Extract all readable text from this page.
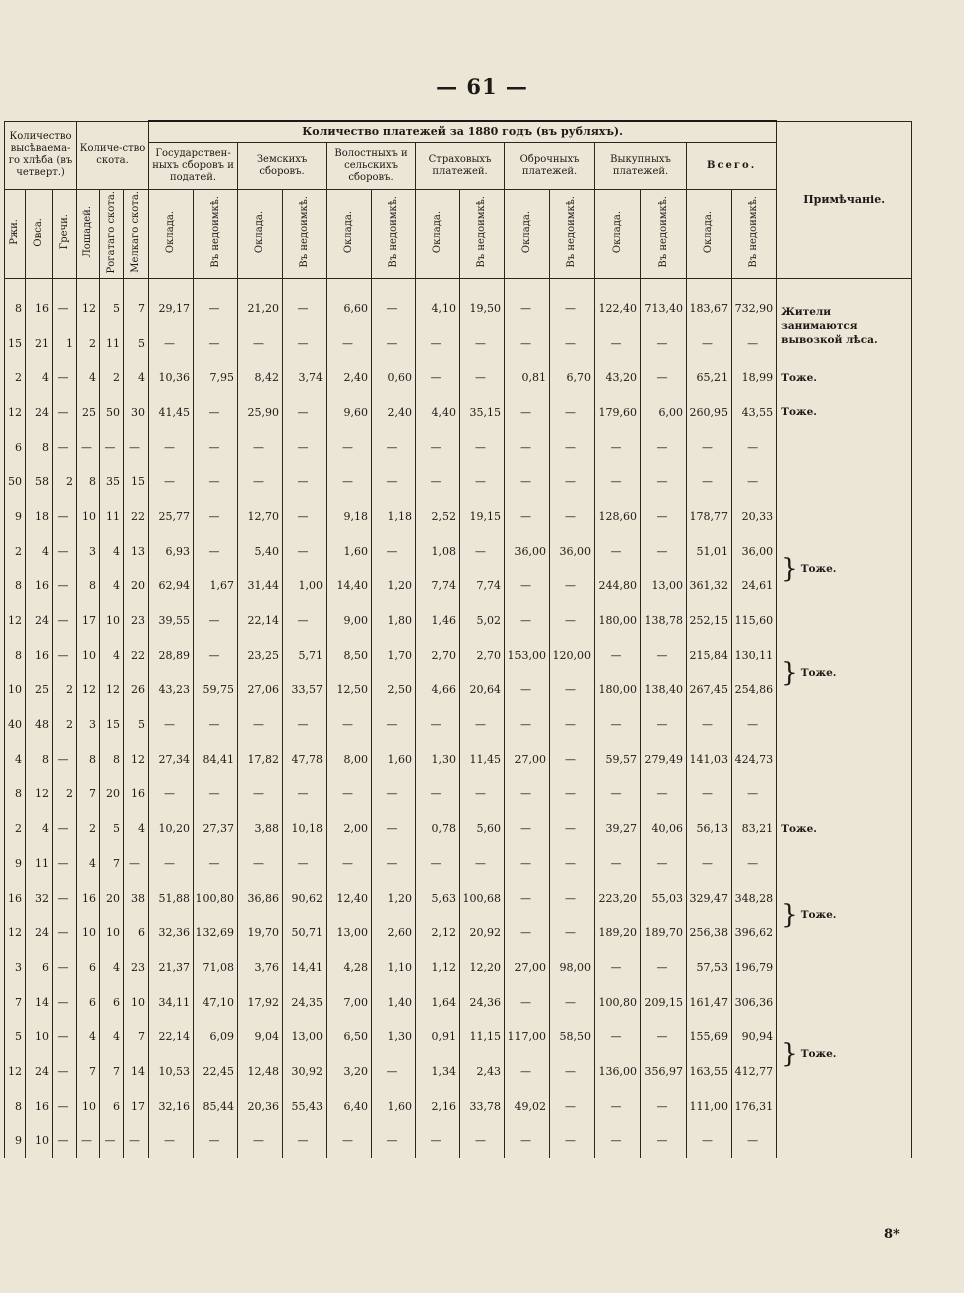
— 61 —
Количество высѣваема-го хлѣба (въ четверт.)			Количе-ство скота.			Количество платежей за 1880 годъ (въ рубляхъ).														Примѣчаніе.
						Государствен-ныхъ сборовъ и податей.		Земскихъ сборовъ.		Волостныхъ и сельскихъ сборовъ.		Страховыхъ платежей.		Оброчныхъ платежей.		Выкупныхъ платежей.		Всего.		
Ржи.	Овса.	Гречи.	Лошадей.	Рогатаго скота.	Мелкаго скота.	Оклада.	Въ недоимкѣ.	Оклада.	Въ недоимкѣ.	Оклада.	Въ недоимкѣ.	Оклада.	Въ недоимкѣ.	Оклада.	Въ недоимкѣ.	Оклада.	Въ недоимкѣ.	Оклада.	Въ недоимкѣ.	
8	16	—	12	5	7	29,17	—	21,20	—	6,60	—	4,10	19,50	—	—	122,40	713,40	183,67	732,90	Жители занимаются вывозкой лѣса.
15	21	1	2	11	5	—	—	—	—	—	—	—	—	—	—	—	—	—	—	
2	4	—	4	2	4	10,36	7,95	8,42	3,74	2,40	0,60	—	—	0,81	6,70	43,20	—	65,21	18,99	Тоже.
12	24	—	25	50	30	41,45	—	25,90	—	9,60	2,40	4,40	35,15	—	—	179,60	6,00	260,95	43,55	Тоже.
6	8	—	—	—	—	—	—	—	—	—	—	—	—	—	—	—	—	—	—	
50	58	2	8	35	15	—	—	—	—	—	—	—	—	—	—	—	—	—	—	
9	18	—	10	11	22	25,77	—	12,70	—	9,18	1,18	2,52	19,15	—	—	128,60	—	178,77	20,33	} Тоже.
2	4	—	3	4	13	6,93	—	5,40	—	1,60	—	1,08	—	36,00	36,00	—	—	51,01	36,00	
8	16	—	8	4	20	62,94	1,67	31,44	1,00	14,40	1,20	7,74	7,74	—	—	244,80	13,00	361,32	24,61	
12	24	—	17	10	23	39,55	—	22,14	—	9,00	1,80	1,46	5,02	—	—	180,00	138,78	252,15	115,60	
8	16	—	10	4	22	28,89	—	23,25	5,71	8,50	1,70	2,70	2,70	153,00	120,00	—	—	215,84	130,11	} Тоже.
10	25	2	12	12	26	43,23	59,75	27,06	33,57	12,50	2,50	4,66	20,64	—	—	180,00	138,40	267,45	254,86	
40	48	2	3	15	5	—	—	—	—	—	—	—	—	—	—	—	—	—	—	
4	8	—	8	8	12	27,34	84,41	17,82	47,78	8,00	1,60	1,30	11,45	27,00	—	59,57	279,49	141,03	424,73	
8	12	2	7	20	16	—	—	—	—	—	—	—	—	—	—	—	—	—	—	
2	4	—	2	5	4	10,20	27,37	3,88	10,18	2,00	—	0,78	5,60	—	—	39,27	40,06	56,13	83,21	Тоже.
9	11	—	4	7	—	—	—	—	—	—	—	—	—	—	—	—	—	—	—	
16	32	—	16	20	38	51,88	100,80	36,86	90,62	12,40	1,20	5,63	100,68	—	—	223,20	55,03	329,47	348,28	} Тоже.
12	24	—	10	10	6	32,36	132,69	19,70	50,71	13,00	2,60	2,12	20,92	—	—	189,20	189,70	256,38	396,62	
3	6	—	6	4	23	21,37	71,08	3,76	14,41	4,28	1,10	1,12	12,20	27,00	98,00	—	—	57,53	196,79	
7	14	—	6	6	10	34,11	47,10	17,92	24,35	7,00	1,40	1,64	24,36	—	—	100,80	209,15	161,47	306,36	} Тоже.
5	10	—	4	4	7	22,14	6,09	9,04	13,00	6,50	1,30	0,91	11,15	117,00	58,50	—	—	155,69	90,94	
12	24	—	7	7	14	10,53	22,45	12,48	30,92	3,20	—	1,34	2,43	—	—	136,00	356,97	163,55	412,77	
8	16	—	10	6	17	32,16	85,44	20,36	55,43	6,40	1,60	2,16	33,78	49,02	—	—	—	111,00	176,31	
9	10	—	—	—	—	—	—	—	—	—	—	—	—	—	—	—	—	—	—	
8*
